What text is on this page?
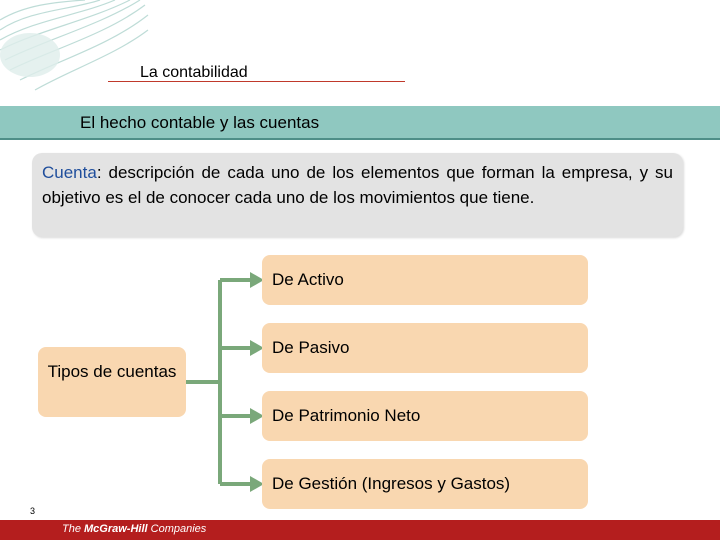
La contabilidad
El hecho contable y las cuentas
Cuenta: descripción de cada uno de los elementos que forman la empresa, y su objetivo es el de conocer cada uno de los movimientos que tiene.
Tipos de cuentas
De Activo
De Pasivo
De Patrimonio Neto
De Gestión (Ingresos y Gastos)
3
The McGraw-Hill Companies
